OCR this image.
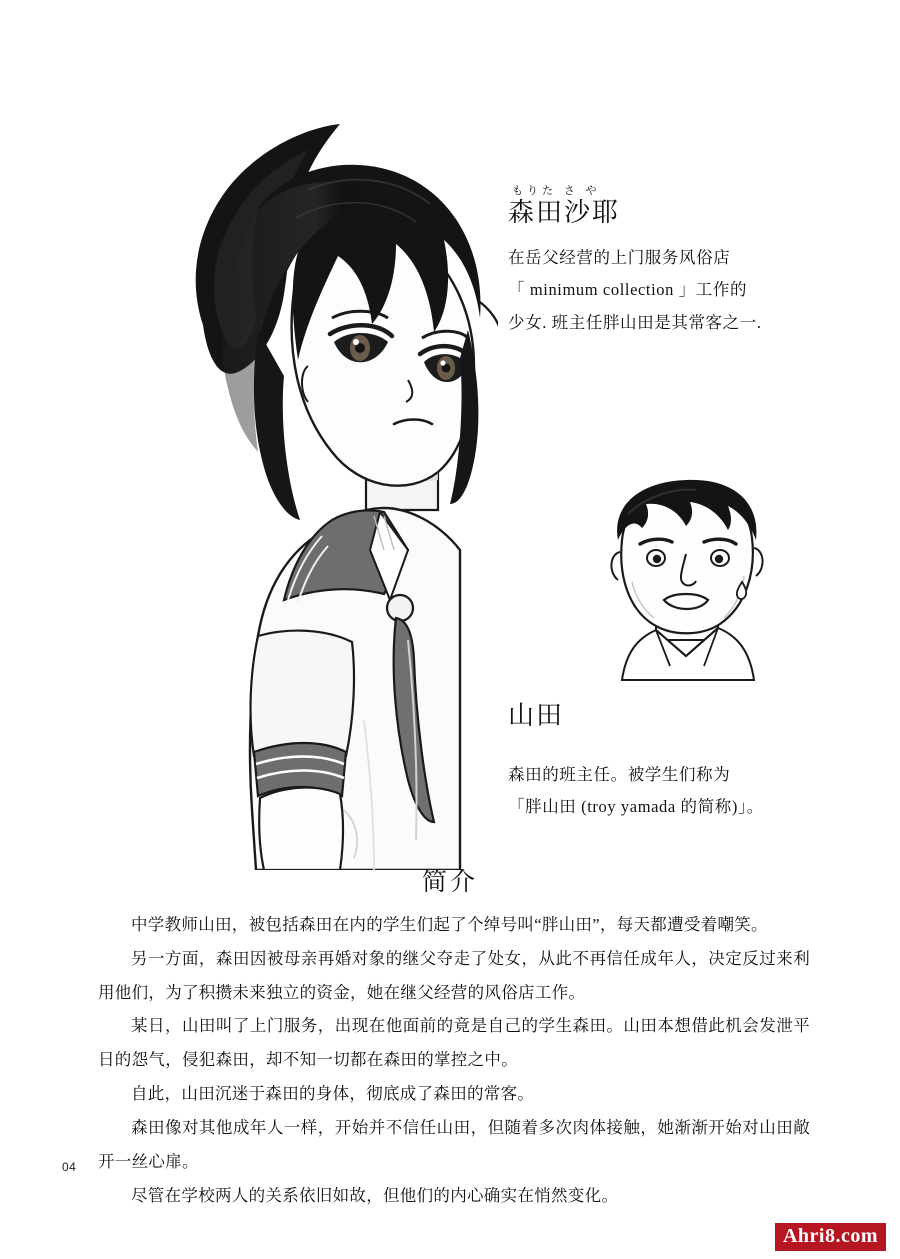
もりた さ や
森田沙耶
在岳父经营的上门服务风俗店
「 minimum collection 」工作的
少女. 班主任胖山田是其常客之一.
山田
森田的班主任。被学生们称为
「胖山田 (troy yamada 的简称)」。
简介

中学教师山田，被包括森田在内的学生们起了个绰号叫“胖山田”，每天都遭受着嘲笑。

另一方面，森田因被母亲再婚对象的继父夺走了处女，从此不再信任成年人，决定反过来利用他们，为了积攒未来独立的资金，她在继父经营的风俗店工作。

某日，山田叫了上门服务，出现在他面前的竟是自己的学生森田。山田本想借此机会发泄平日的怨气，侵犯森田，却不知一切都在森田的掌控之中。

自此，山田沉迷于森田的身体，彻底成了森田的常客。

森田像对其他成年人一样，开始并不信任山田，但随着多次肉体接触，她渐渐开始对山田敞开一丝心扉。

尽管在学校两人的关系依旧如故，但他们的内心确实在悄然变化。

04
Ahri8.com
